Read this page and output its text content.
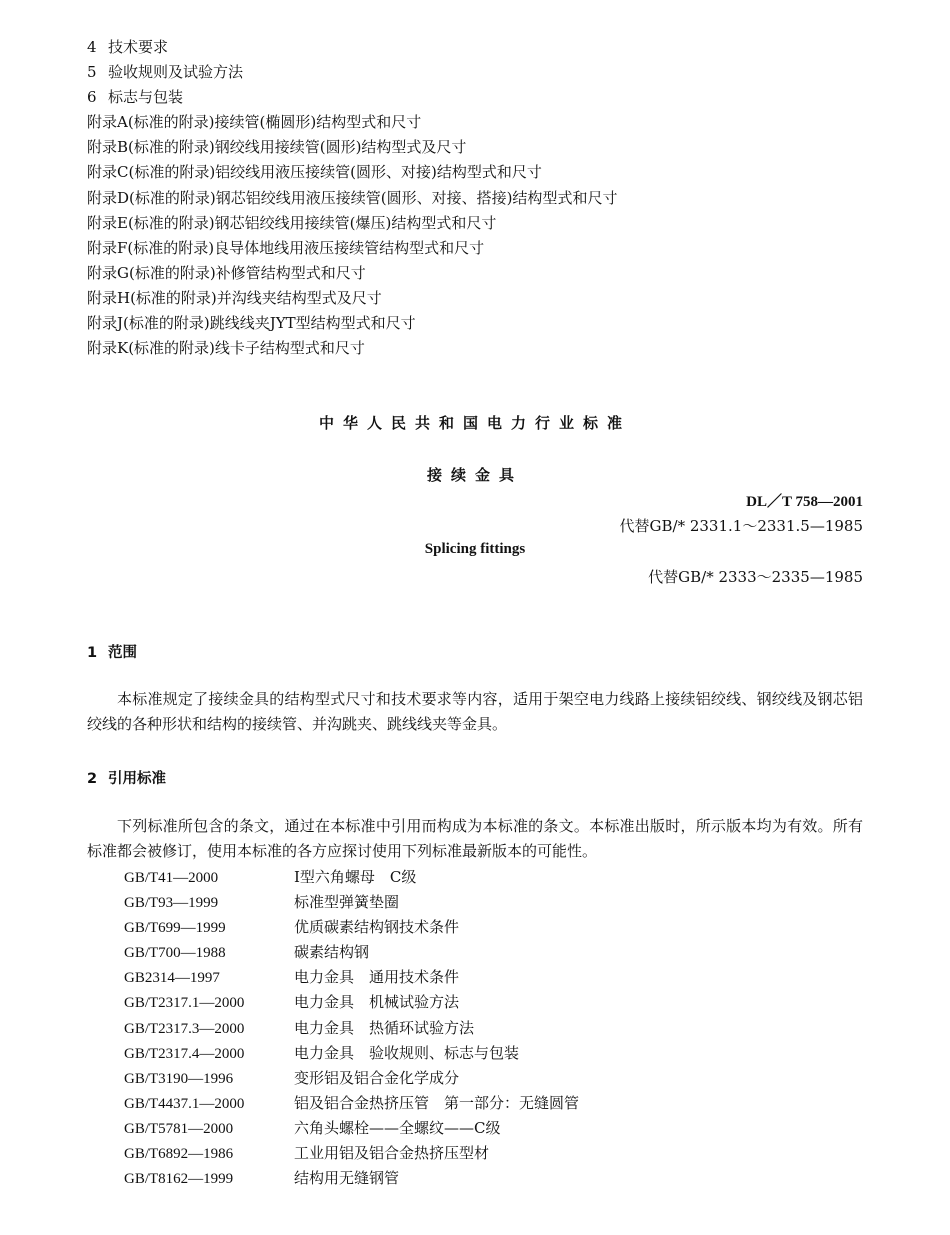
4 技术要求
5 验收规则及试验方法
6 标志与包装
附录A(标准的附录)接续管(椭圆形)结构型式和尺寸
附录B(标准的附录)钢绞线用接续管(圆形)结构型式及尺寸
附录C(标准的附录)铝绞线用液压接续管(圆形、对接)结构型式和尺寸
附录D(标准的附录)钢芯铝绞线用液压接续管(圆形、对接、搭接)结构型式和尺寸
附录E(标准的附录)钢芯铝绞线用接续管(爆压)结构型式和尺寸
附录F(标准的附录)良导体地线用液压接续管结构型式和尺寸
附录G(标准的附录)补修管结构型式和尺寸
附录H(标准的附录)并沟线夹结构型式及尺寸
附录J(标准的附录)跳线线夹JYT型结构型式和尺寸
附录K(标准的附录)线卡子结构型式和尺寸
中华人民共和国电力行业标准
接续金具
DL／T 758—2001
代替GB/* 2331.1～2331.5—1985
Splicing fittings
代替GB/* 2333～2335—1985
1 范围
本标准规定了接续金具的结构型式尺寸和技术要求等内容，适用于架空电力线路上接续铝绞线、钢绞线及钢芯铝绞线的各种形状和结构的接续管、并沟跳夹、跳线线夹等金具。
2 引用标准
下列标准所包含的条文，通过在本标准中引用而构成为本标准的条文。本标准出版时，所示版本均为有效。所有标准都会被修订，使用本标准的各方应探讨使用下列标准最新版本的可能性。
GB/T41—2000	I型六角螺母　C级
GB/T93—1999	标准型弹簧垫圈
GB/T699—1999	优质碳素结构钢技术条件
GB/T700—1988	碳素结构钢
GB2314—1997	电力金具　通用技术条件
GB/T2317.1—2000	电力金具　机械试验方法
GB/T2317.3—2000	电力金具　热循环试验方法
GB/T2317.4—2000	电力金具　验收规则、标志与包装
GB/T3190—1996	变形铝及铝合金化学成分
GB/T4437.1—2000	铝及铝合金热挤压管　第一部分：无缝圆管
GB/T5781—2000	六角头螺栓——全螺纹——C级
GB/T6892—1986	工业用铝及铝合金热挤压型材
GB/T8162—1999	结构用无缝钢管
